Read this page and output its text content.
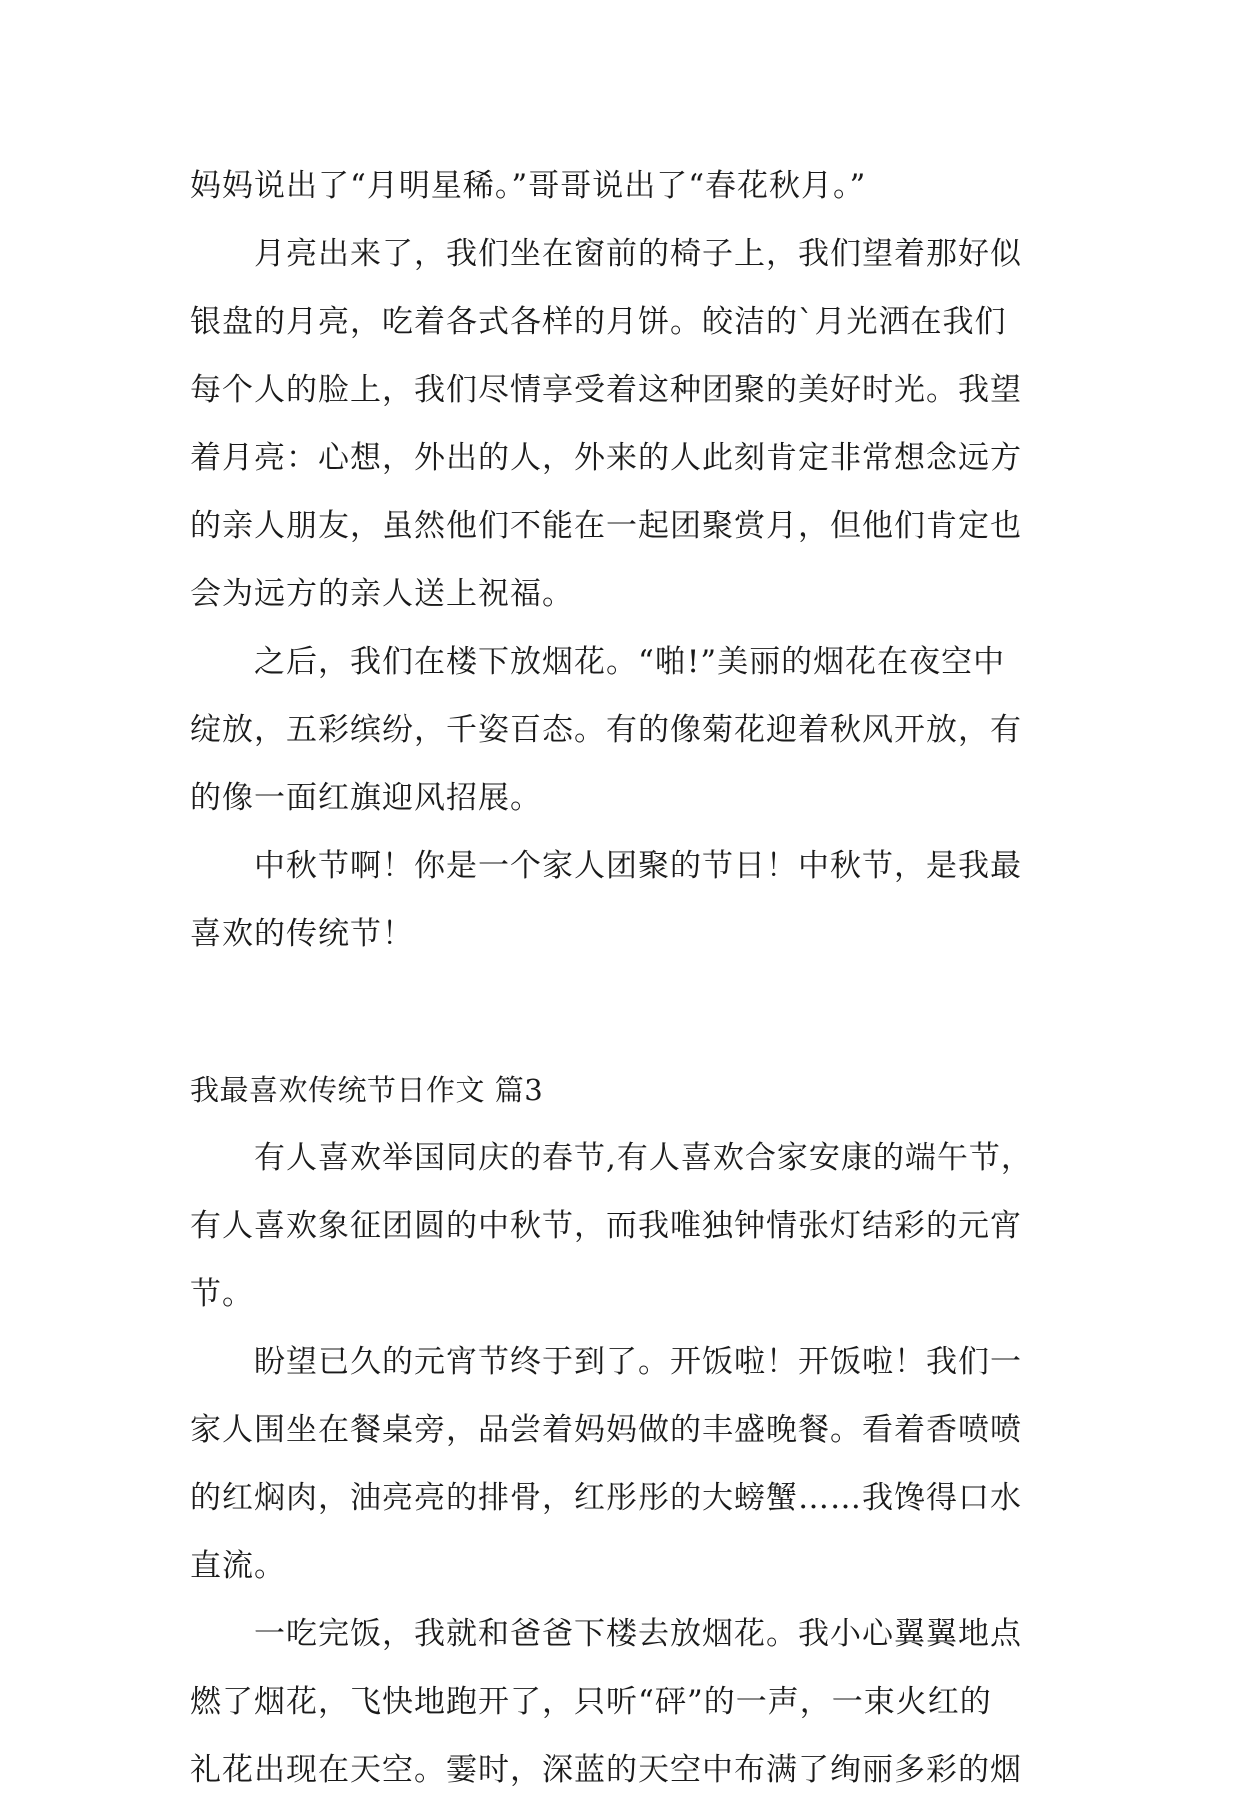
妈妈说出了“月明星稀。”哥哥说出了“春花秋月。”
月亮出来了，我们坐在窗前的椅子上，我们望着那好似
银盘的月亮，吃着各式各样的月饼。皎洁的`月光洒在我们
每个人的脸上，我们尽情享受着这种团聚的美好时光。我望
着月亮：心想，外出的人，外来的人此刻肯定非常想念远方
的亲人朋友，虽然他们不能在一起团聚赏月，但他们肯定也
会为远方的亲人送上祝福。
之后，我们在楼下放烟花。“啪!”美丽的烟花在夜空中
绽放，五彩缤纷，千姿百态。有的像菊花迎着秋风开放，有
的像一面红旗迎风招展。
中秋节啊！你是一个家人团聚的节日！中秋节，是我最
喜欢的传统节！
我最喜欢传统节日作文 篇3
有人喜欢举国同庆的春节,有人喜欢合家安康的端午节，
有人喜欢象征团圆的中秋节，而我唯独钟情张灯结彩的元宵
节。
盼望已久的元宵节终于到了。开饭啦！开饭啦！我们一
家人围坐在餐桌旁，品尝着妈妈做的丰盛晚餐。看着香喷喷
的红焖肉，油亮亮的排骨，红彤彤的大螃蟹……我馋得口水
直流。
一吃完饭，我就和爸爸下楼去放烟花。我小心翼翼地点
燃了烟花，飞快地跑开了，只听“砰”的一声，一束火红的
礼花出现在天空。霎时，深蓝的天空中布满了绚丽多彩的烟
